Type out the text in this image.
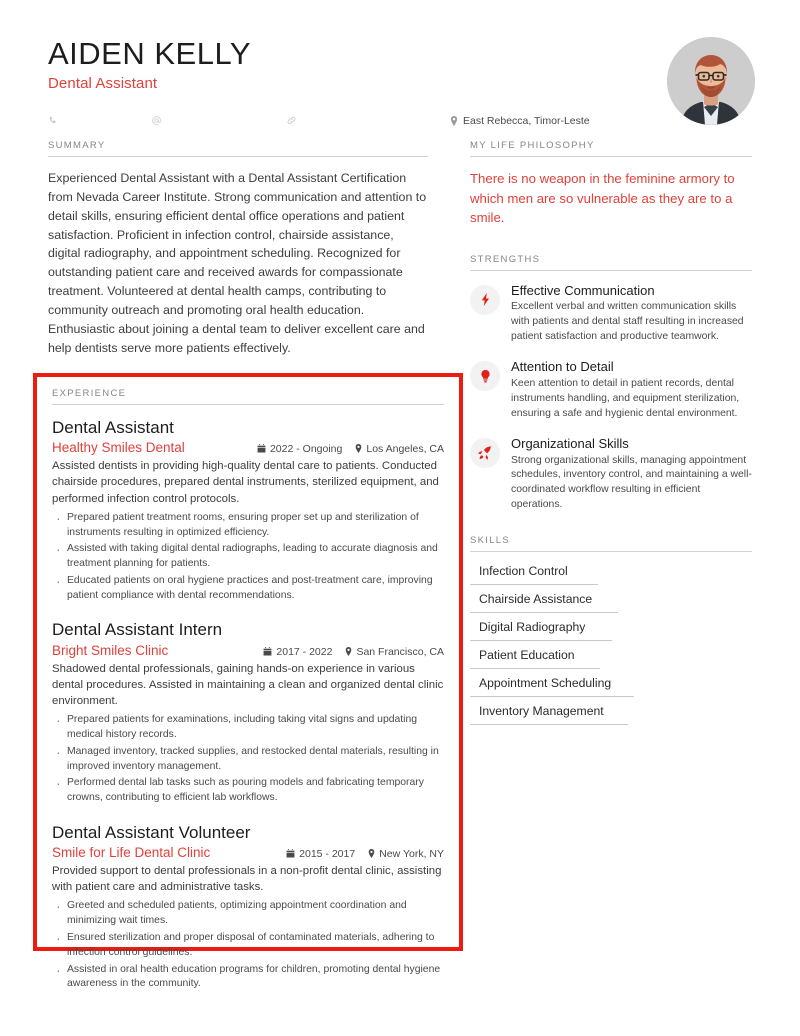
AIDEN KELLY

Dental Assistant

East Rebecca, Timor-Leste
SUMMARY

Experienced Dental Assistant with a Dental Assistant Certification from Nevada Career Institute. Strong communication and attention to detail skills, ensuring efficient dental office operations and patient satisfaction. Proficient in infection control, chairside assistance, digital radiography, and appointment scheduling. Recognized for outstanding patient care and received awards for compassionate treatment. Volunteered at dental health camps, contributing to community outreach and promoting oral health education. Enthusiastic about joining a dental team to deliver excellent care and help dentists serve more patients effectively.

MY LIFE PHILOSOPHY

There is no weapon in the feminine armory to which men are so vulnerable as they are to a smile.

STRENGTHS

Effective Communication

Excellent verbal and written communication skills with patients and dental staff resulting in increased patient satisfaction and productive teamwork.

Attention to Detail

Keen attention to detail in patient records, dental instruments handling, and equipment sterilization, ensuring a safe and hygienic dental environment.

Organizational Skills

Strong organizational skills, managing appointment schedules, inventory control, and maintaining a well-coordinated workflow resulting in efficient operations.

SKILLS
Infection Control
Chairside Assistance
Digital Radiography
Patient Education
Appointment Scheduling
Inventory Management
EXPERIENCE
Dental Assistant
Healthy Smiles Dental	2022 - Ongoing Los Angeles, CA

Assisted dentists in providing high-quality dental care to patients. Conducted chairside procedures, prepared dental instruments, sterilized equipment, and performed infection control protocols.

· Prepared patient treatment rooms, ensuring proper set up and sterilization of instruments resulting in optimized efficiency.
· Assisted with taking digital dental radiographs, leading to accurate diagnosis and treatment planning for patients.
· Educated patients on oral hygiene practices and post-treatment care, improving patient compliance with dental recommendations.
Dental Assistant Intern
Bright Smiles Clinic	2017 - 2022 San Francisco, CA

Shadowed dental professionals, gaining hands-on experience in various dental procedures. Assisted in maintaining a clean and organized dental clinic environment.

· Prepared patients for examinations, including taking vital signs and updating medical history records.
· Managed inventory, tracked supplies, and restocked dental materials, resulting in improved inventory management.
· Performed dental lab tasks such as pouring models and fabricating temporary crowns, contributing to efficient lab workflows.
Dental Assistant Volunteer
Smile for Life Dental Clinic	2015 - 2017 New York, NY

Provided support to dental professionals in a non-profit dental clinic, assisting with patient care and administrative tasks.

· Greeted and scheduled patients, optimizing appointment coordination and minimizing wait times.
· Ensured sterilization and proper disposal of contaminated materials, adhering to infection control guidelines.
· Assisted in oral health education programs for children, promoting dental hygiene awareness in the community.
